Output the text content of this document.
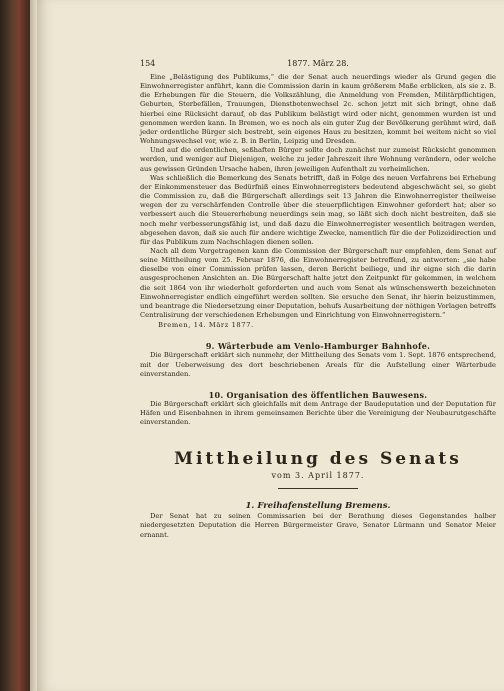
154	1877. März 28.

Eine „Belästigung des Publikums,“ die der Senat auch neuerdings wieder als Grund gegen die Einwohnerregister anführt, kann die Commission darin in kaum größerem Maße erblicken, als sie z. B. die Erhebungen für die Steuern, die Volkszählung, die Anmeldung von Fremden, Militärpflichtigen, Geburten, Sterbefällen, Trauungen, Dienstbotenwechsel 2c. schon jetzt mit sich bringt, ohne daß hierbei eine Rücksicht darauf, ob das Publikum belästigt wird oder nicht, genommen wurden ist und genommen werden kann. In Bremen, wo es noch als ein guter Zug der Bevölkerung gerühmt wird, daß jeder ordentliche Bürger sich bestrebt, sein eigenes Haus zu besitzen, kommt bei weitem nicht so viel Wohnungswechsel vor, wie z. B. in Berlin, Leipzig und Dresden.

Und auf die ordentlichen, seßhaften Bürger sollte doch zunächst nur zumeist Rücksicht genommen werden, und weniger auf Diejenigen, welche zu jeder Jahreszeit ihre Wohnung verändern, oder welche aus gewissen Gründen Ursache haben, ihren jeweiligen Aufenthalt zu verheimlichen.

Was schließlich die Bemerkung des Senats betrifft, daß in Folge des neuen Verfahrens bei Erhebung der Einkommensteuer das Bedürfniß eines Einwohnerregisters bedeutend abgeschwächt sei, so giebt die Commission zu, daß die Bürgerschaft allerdings seit 13 Jahren die Einwohnerregister theilweise wegen der zu verschärfenden Controlle über die steuerpflichtigen Einwohner gefordert hat; aber so verbessert auch die Steuererhebung neuerdings sein mag, so läßt sich doch nicht bestreiten, daß sie noch mehr verbesserungsfähig ist, und daß dazu die Einwohnerregister wesentlich beitragen werden, abgesehen davon, daß sie auch für andere wichtige Zwecke, namentlich für die der Polizeidirection und für das Publikum zum Nachschlagen dienen sollen.

Nach all dem Vorgetragenen kann die Commission der Bürgerschaft nur empfehlen, dem Senat auf seine Mittheilung vom 25. Februar 1876, die Einwohnerregister betreffend, zu antworten: „sie habe dieselbe von einer Commission prüfen lassen, deren Bericht beiliege, und ihr eigne sich die darin ausgesprochenen Ansichten an. Die Bürgerschaft halte jetzt den Zeitpunkt für gekommen, in welchem die seit 1864 von ihr wiederholt geforderten und auch vom Senat als wünschenswerth bezeichneten Einwohnerregister endlich eingeführt werden sollten. Sie ersuche den Senat, ihr hierin beizustimmen, und beantrage die Niedersetzung einer Deputation, behufs Ausarbeitung der nöthigen Vorlagen betreffs Centralisirung der verschiedenen Erhebungen und Einrichtung von Einwohnerregistern.“

Bremen, 14. März 1877.

9. Wärterbude am Venlo-Hamburger Bahnhofe.

Die Bürgerschaft erklärt sich nunmehr, der Mittheilung des Senats vom 1. Sept. 1876 entsprechend, mit der Ueberweisung des dort beschriebenen Areals für die Aufstellung einer Wärterbude einverstanden.

10. Organisation des öffentlichen Bauwesens.

Die Bürgerschaft erklärt sich gleichfalls mit dem Antrage der Baudeputation und der Deputation für Häfen und Eisenbahnen in ihrem gemeinsamen Berichte über die Vereinigung der Neubaurutgeschäfte einverstanden.

Mittheilung des Senats
vom 3. April 1877.
1. Freihafenstellung Bremens.

Der Senat hat zu seinen Commissarien bei der Berathung dieses Gegenstandes halber niedergesetzten Deputation die Herren Bürgermeister Grave, Senator Lürmann und Senator Meier ernannt.
